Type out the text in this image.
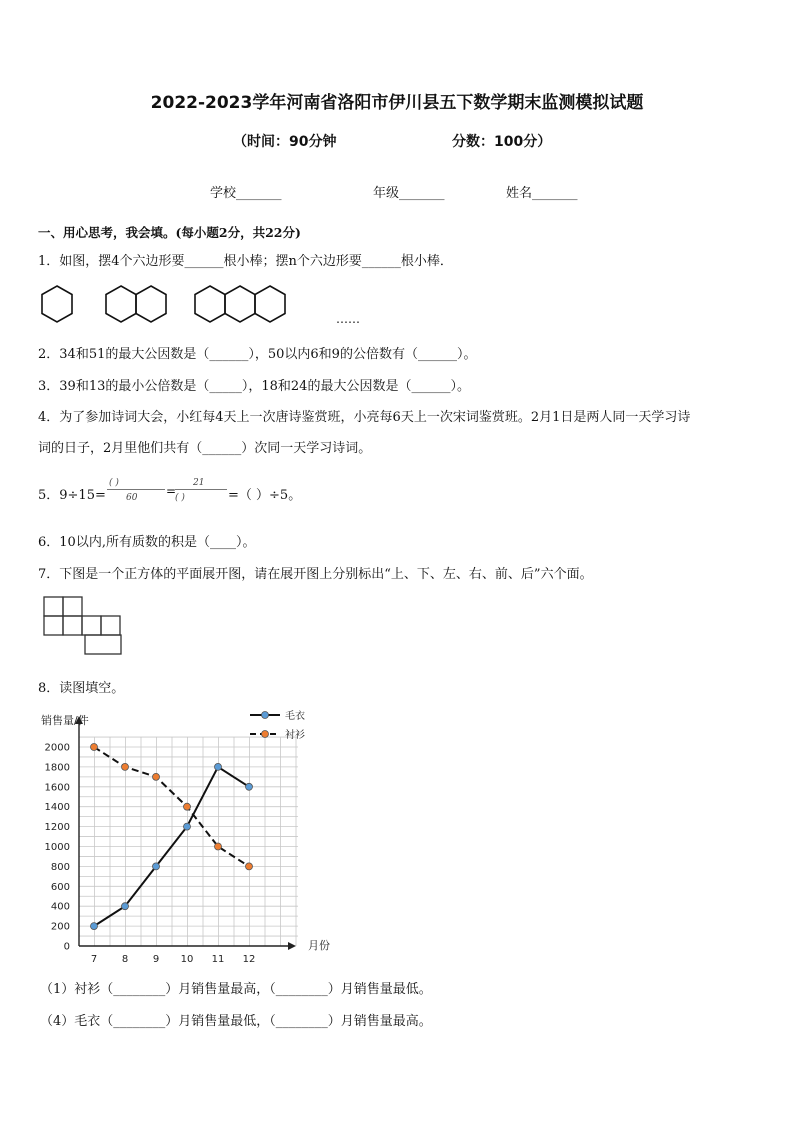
2022-2023学年河南省洛阳市伊川县五下数学期末监测模拟试题
（时间：90分钟	分数：100分）
学校_______	年级_______	姓名_______
一、用心思考，我会填。(每小题2分，共22分)
1．如图，摆4个六边形要______根小棒；摆n个六边形要______根小棒．
……
2．34和51的最大公因数是（______），50以内6和9的公倍数有（______）。
3．39和13的最小公倍数是（_____），18和24的最大公因数是（______）。
4．为了参加诗词大会，小红每4天上一次唐诗鉴赏班，小亮每6天上一次宋词鉴赏班。2月1日是两人同一天学习诗
词的日子，2月里他们共有（______）次同一天学习诗词。
5．9÷15=
( )
60 =
21
( )	=（ ）÷5。
6．10以内,所有质数的积是（____）。
7．下图是一个正方体的平面展开图，请在展开图上分别标出“上、下、左、右、前、后”六个面。
8．读图填空。
0
200
400
600
800
1000
1200
1400
1600
1800
2000
7 8 9 10 11 12
销售量/件
月份
毛衣
衬衫
（1）衬衫（________）月销售量最高，（________）月销售量最低。
（4）毛衣（________）月销售量最低，（________）月销售量最高。
